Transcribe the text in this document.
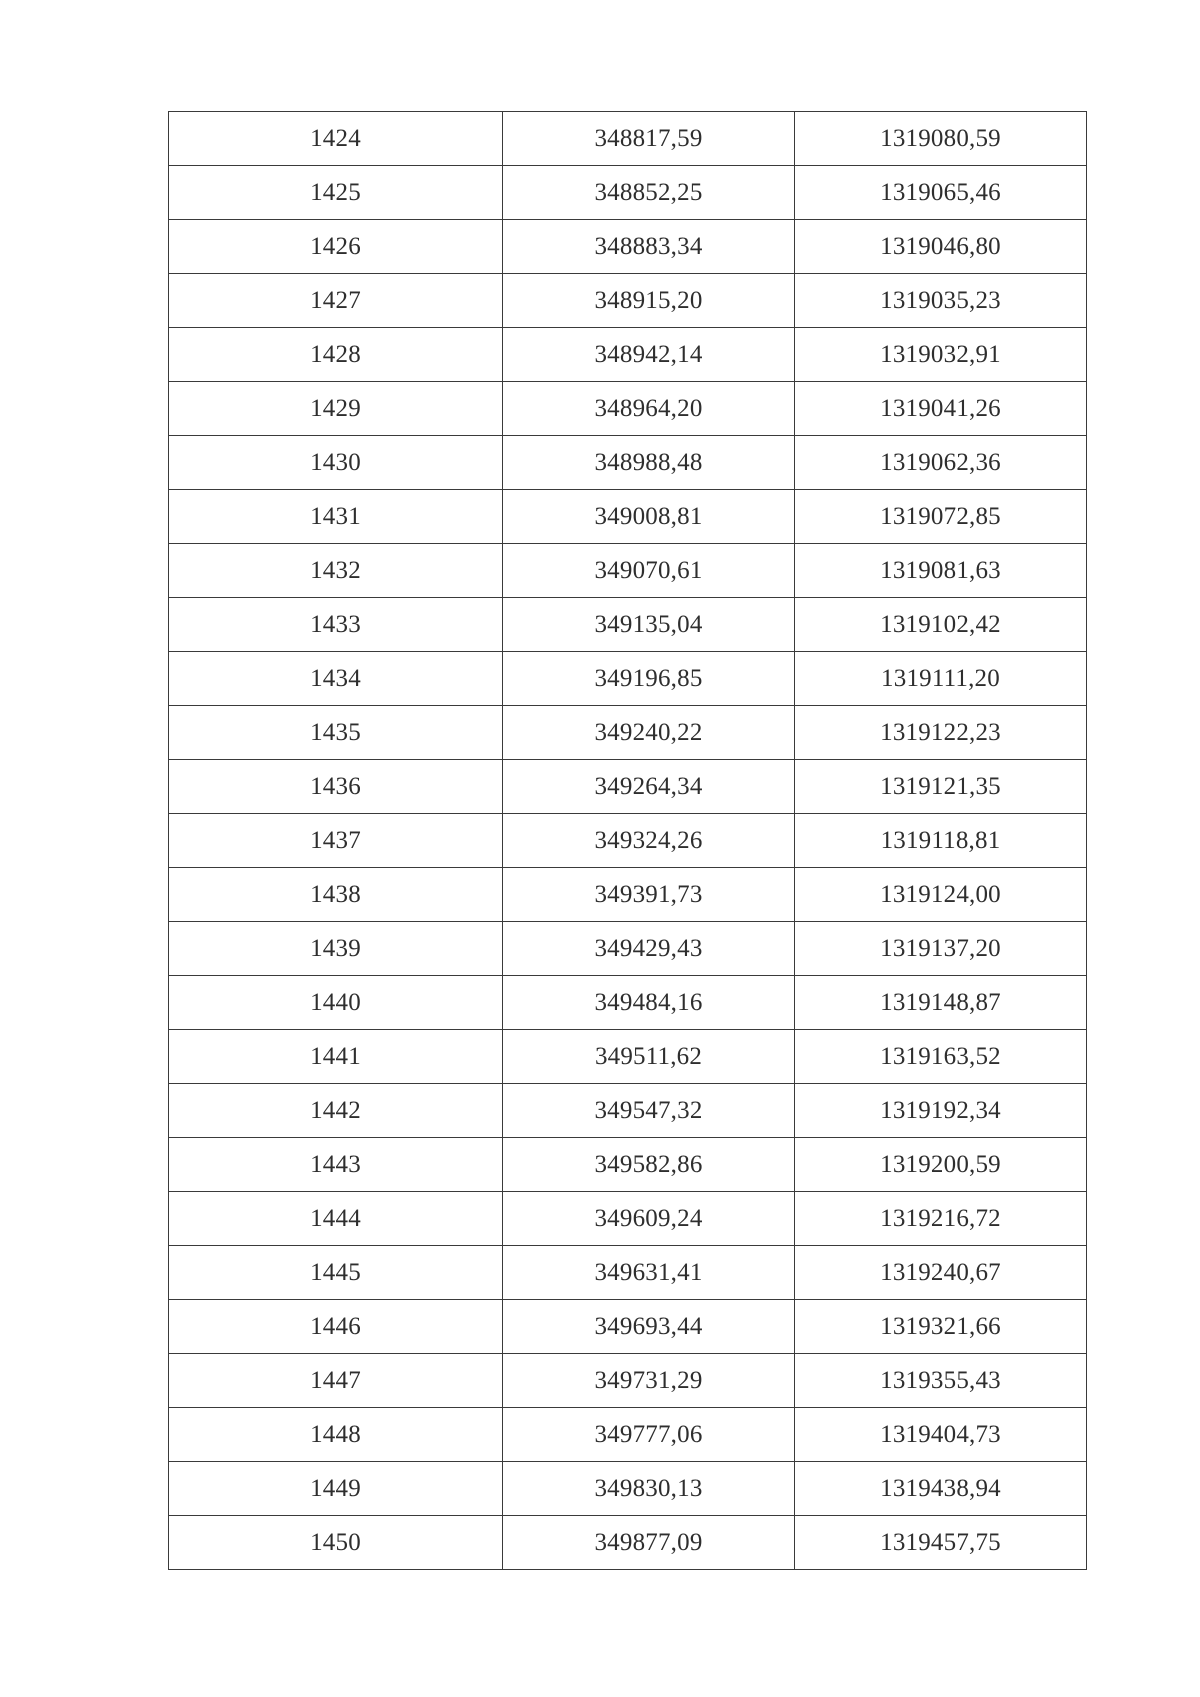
1424	348817,59	1319080,59
1425	348852,25	1319065,46
1426	348883,34	1319046,80
1427	348915,20	1319035,23
1428	348942,14	1319032,91
1429	348964,20	1319041,26
1430	348988,48	1319062,36
1431	349008,81	1319072,85
1432	349070,61	1319081,63
1433	349135,04	1319102,42
1434	349196,85	1319111,20
1435	349240,22	1319122,23
1436	349264,34	1319121,35
1437	349324,26	1319118,81
1438	349391,73	1319124,00
1439	349429,43	1319137,20
1440	349484,16	1319148,87
1441	349511,62	1319163,52
1442	349547,32	1319192,34
1443	349582,86	1319200,59
1444	349609,24	1319216,72
1445	349631,41	1319240,67
1446	349693,44	1319321,66
1447	349731,29	1319355,43
1448	349777,06	1319404,73
1449	349830,13	1319438,94
1450	349877,09	1319457,75
